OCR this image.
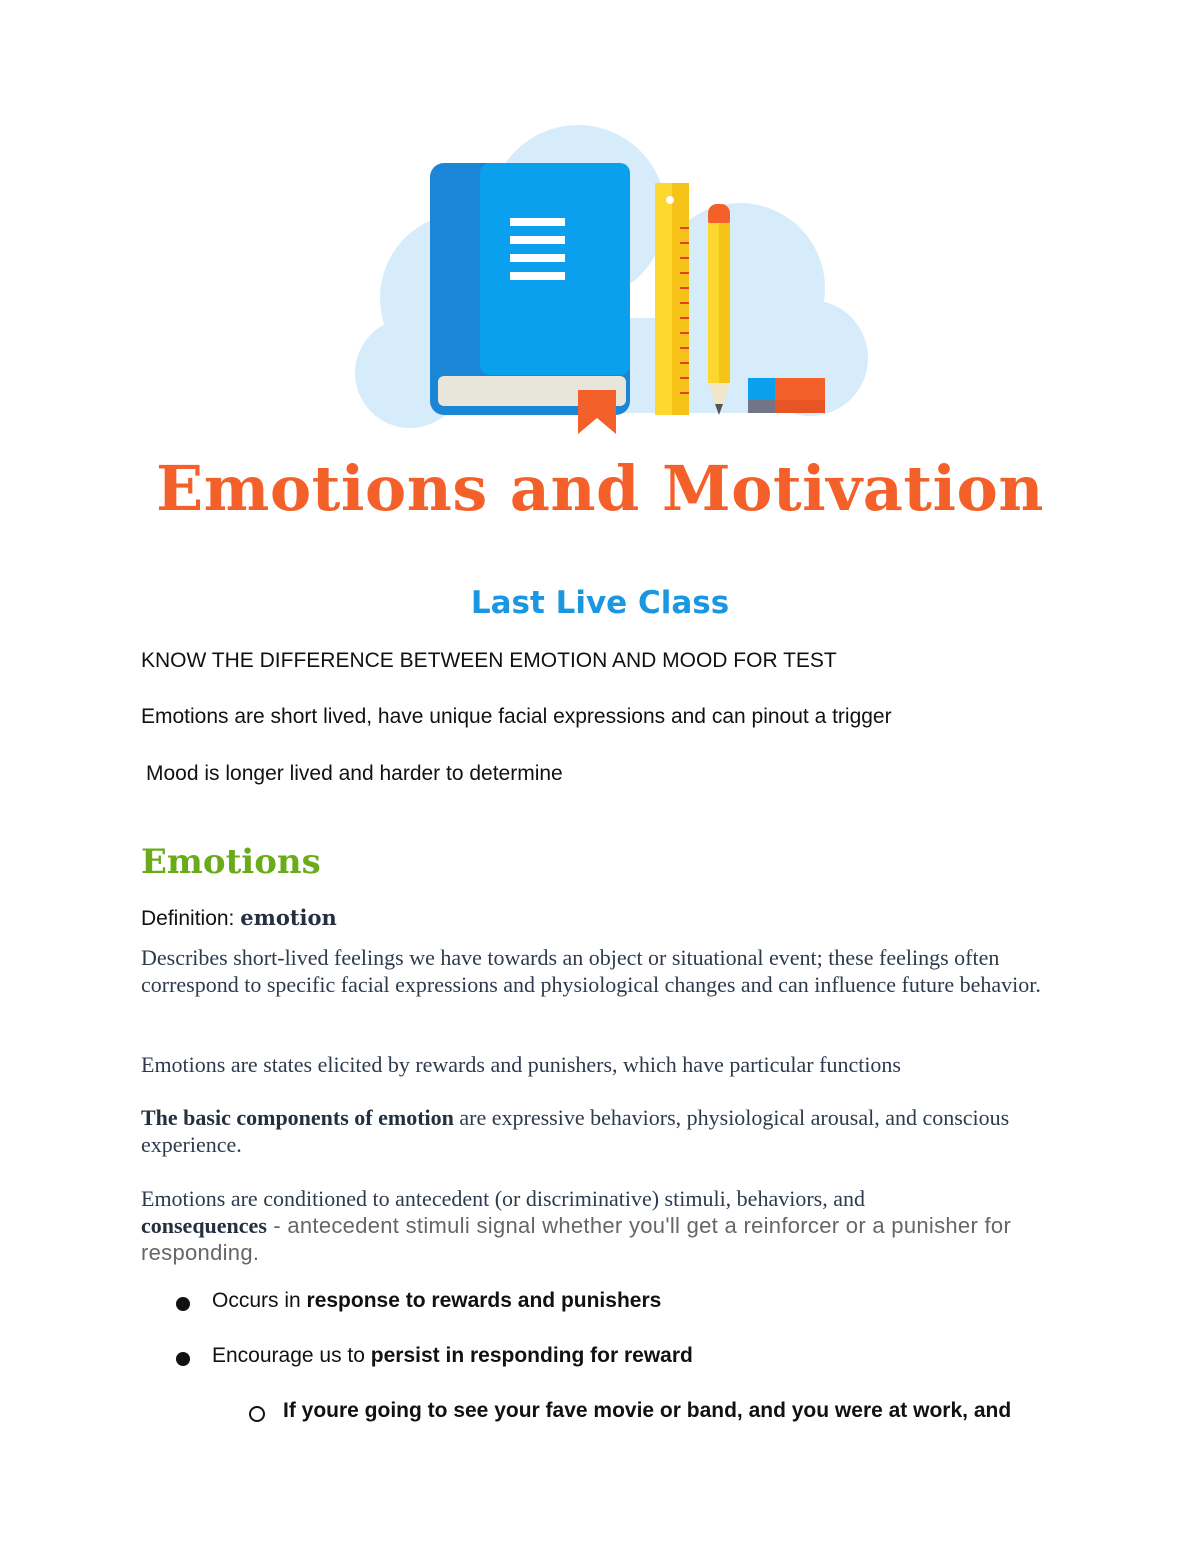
Emotions and Motivation
Last Live Class

KNOW THE DIFFERENCE BETWEEN EMOTION AND MOOD FOR TEST

Emotions are short lived, have unique facial expressions and can pinout a trigger

Mood is longer lived and harder to determine

Emotions

Definition: emotion

Describes short-lived feelings we have towards an object or situational event; these feelings often correspond to specific facial expressions and physiological changes and can influence future behavior.

Emotions are states elicited by rewards and punishers, which have particular functions

The basic components of emotion are expressive behaviors, physiological arousal, and conscious experience.

Emotions are conditioned to antecedent (or discriminative) stimuli, behaviors, and
consequences - antecedent stimuli signal whether you'll get a reinforcer or a punisher for responding.

Occurs in response to rewards and punishers

Encourage us to persist in responding for reward

If youre going to see your fave movie or band, and you were at work, and
